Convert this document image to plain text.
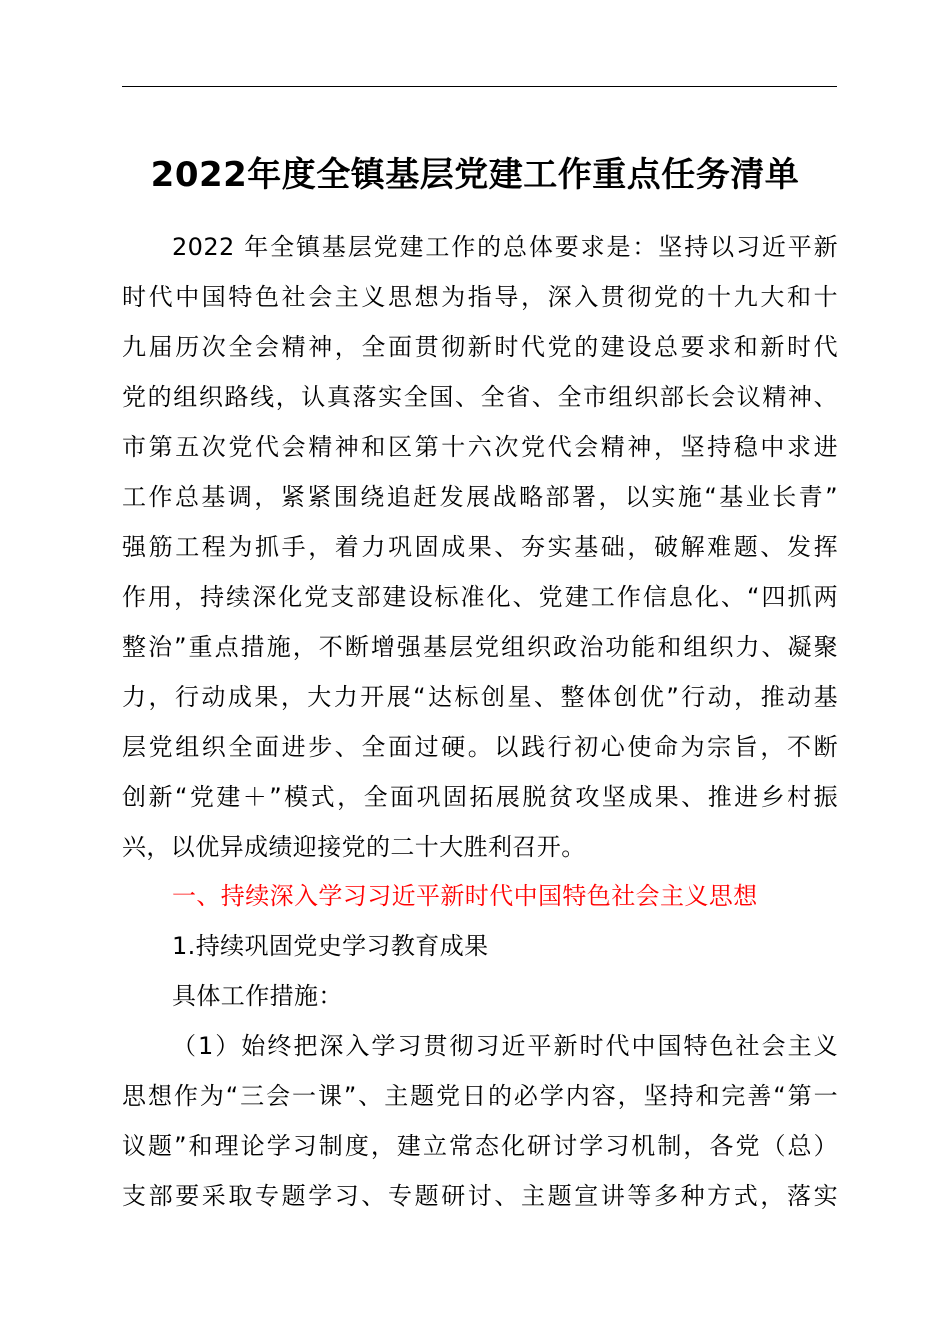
2022年度全镇基层党建工作重点任务清单
2022 年全镇基层党建工作的总体要求是：坚持以习近平新
时代中国特色社会主义思想为指导，深入贯彻党的十九大和十
九届历次全会精神，全面贯彻新时代党的建设总要求和新时代
党的组织路线，认真落实全国、全省、全市组织部长会议精神、
市第五次党代会精神和区第十六次党代会精神，坚持稳中求进
工作总基调，紧紧围绕追赶发展战略部署，以实施“基业长青”
强筋工程为抓手，着力巩固成果、夯实基础，破解难题、发挥
作用，持续深化党支部建设标准化、党建工作信息化、“四抓两
整治”重点措施，不断增强基层党组织政治功能和组织力、凝聚
力，行动成果，大力开展“达标创星、整体创优”行动，推动基
层党组织全面进步、全面过硬。以践行初心使命为宗旨，不断
创新“党建＋”模式，全面巩固拓展脱贫攻坚成果、推进乡村振
兴，以优异成绩迎接党的二十大胜利召开。
一、持续深入学习习近平新时代中国特色社会主义思想
1.持续巩固党史学习教育成果
具体工作措施：
（1）始终把深入学习贯彻习近平新时代中国特色社会主义
思想作为“三会一课”、主题党日的必学内容，坚持和完善“第一
议题”和理论学习制度，建立常态化研讨学习机制，各党（总）
支部要采取专题学习、专题研讨、主题宣讲等多种方式，落实
